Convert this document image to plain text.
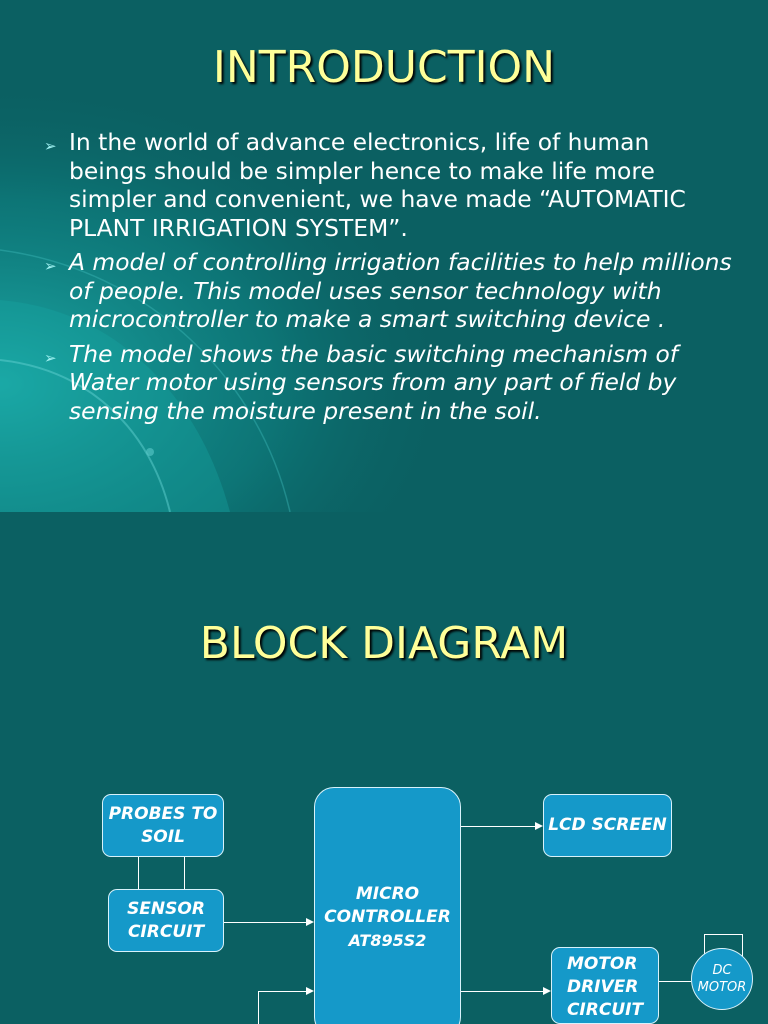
INTRODUCTION
➢ In the world of advance electronics, life of human beings should be simpler hence to make life more simpler and convenient, we have made “AUTOMATIC PLANT IRRIGATION SYSTEM”.
➢ A model of controlling irrigation facilities to help millions of people. This model uses sensor technology with microcontroller to make a smart switching device .
➢ The model shows the basic switching mechanism of Water motor using sensors from any part of field by sensing the moisture present in the soil.
BLOCK DIAGRAM
PROBES TO
SOIL
SENSOR
CIRCUIT
MICRO
CONTROLLER
AT895S2
LCD SCREEN
MOTOR
DRIVER
CIRCUIT
DC
MOTOR
